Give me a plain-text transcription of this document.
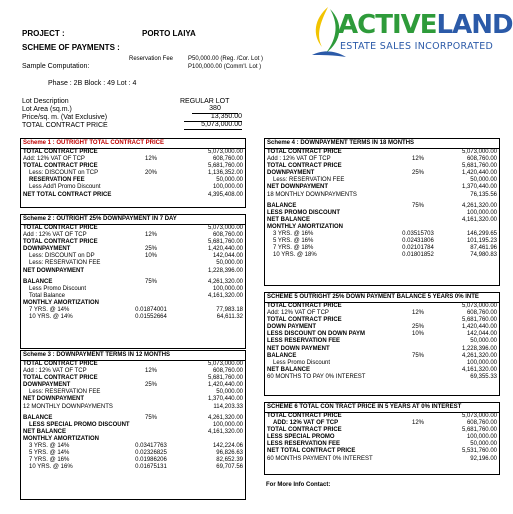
PROJECT :	PORTO LAIYA
SCHEME OF PAYMENTS :
Reservation Fee P50,000.00 (Reg. /Cor. Lot )
P100,000.00 (Comm'l. Lot )
Sample Computation:
Phase : 2B Block : 49 Lot : 4
ACTIVELAND
ESTATE SALES INCORPORATED
Lot Description	REGULAR LOT
Lot Area (sq.m.)	380
Price/sq. m. (Vat Exclusive)	13,350.00
TOTAL CONTRACT PRICE	5,073,000.00
Scheme 1 : OUTRIGHT TOTAL CONTRACT PRICE
TOTAL CONTRACT PRICE		5,073,000.00
Add: 12% VAT OF TCP	12%	608,760.00
TOTAL CONTRACT PRICE		5,681,760.00
Less: DISCOUNT on TCP	20%	1,136,352.00
RESERVATION FEE		50,000.00
Less Add'l Promo Discount		100,000.00
NET TOTAL CONTRACT PRICE		4,395,408.00
Scheme 2 : OUTRIGHT 25% DOWNPAYMENT IN 7 DAY
TOTAL CONTRACT PRICE		5,073,000.00
Add : 12% VAT OF TCP	12%	608,760.00
TOTAL CONTRACT PRICE		5,681,760.00
DOWNPAYMENT	25%	1,420,440.00
Less: DISCOUNT on DP	10%	142,044.00
Less: RESERVATION FEE		50,000.00
NET DOWNPAYMENT		1,228,396.00

BALANCE	75%	4,261,320.00
Less Promo Discount		100,000.00
Total Balance		4,161,320.00
MONTHLY AMORTIZATION		
7 YRS. @ 14%	0.01874001	77,983.18
10 YRS. @ 14%	0.01552664	64,611.32
Scheme 3 : DOWNPAYMENT TERMS IN 12 MONTHS
TOTAL CONTRACT PRICE		5,073,000.00
Add : 12% VAT OF TCP	12%	608,760.00
TOTAL CONTRACT PRICE		5,681,760.00
DOWNPAYMENT	25%	1,420,440.00
Less: RESERVATION FEE		50,000.00
NET DOWNPAYMENT		1,370,440.00
12 MONTHLY DOWNPAYMENTS		114,203.33

BALANCE	75%	4,261,320.00
LESS SPECIAL PROMO DISCOUNT		100,000.00
NET BALANCE		4,161,320.00
MONTHLY AMORTIZATION		
3 YRS. @ 14%	0.03417763	142,224.06
5 YRS. @ 14%	0.02326825	96,826.63
7 YRS. @ 16%	0.01986206	82,652.39
10 YRS. @ 16%	0.01675131	69,707.56
Scheme 4 : DOWNPAYMENT TERMS IN 18 MONTHS
TOTAL CONTRACT PRICE		5,073,000.00
Add : 12% VAT OF TCP	12%	608,760.00
TOTAL CONTRACT PRICE		5,681,760.00
DOWNPAYMENT	25%	1,420,440.00
Less: RESERVATION FEE		50,000.00
NET DOWNPAYMENT		1,370,440.00
18 MONTHLY DOWNPAYMENTS		76,135.56

BALANCE	75%	4,261,320.00
LESS PROMO DISCOUNT		100,000.00
NET BALANCE		4,161,320.00
MONTHLY AMORTIZATION		
3 YRS. @ 16%	0.03515703	146,299.65
5 YRS. @ 16%	0.02431806	101,195.23
7 YRS. @ 18%	0.02101784	87,461.96
10 YRS. @ 18%	0.01801852	74,980.83
SCHEME 5 OUTRIGHT 25% DOWN PAYMENT BALANCE 5 YEARS 0% INTE
TOTAL CONTRACT PRICE		5,073,000.00
Add: 12% VAT OF TCP	12%	608,760.00
TOTAL CONTRACT PRICE		5,681,760.00
DOWN PAYMENT	25%	1,420,440.00
LESS DISCOUNT ON DOWN PAYM	10%	142,044.00
LESS RESERVATION FEE		50,000.00
NET DOWN PAYMENT		1,228,396.00
BALANCE	75%	4,261,320.00
Less Promo Discount		100,000.00
NET BALANCE		4,161,320.00
60 MONTHS TO PAY 0% INTEREST		69,355.33
SCHEME 6 TOTAL CON TRACT PRICE IN 5 YEARS AT 0% INTEREST
TOTAL CONTRACT PRICE		5,073,000.00
ADD: 12% VAT OF TCP	12%	608,760.00
TOTAL CONTRACT PRICE		5,681,760.00
LESS SPECIAL PROMO		100,000.00
LESS RESERVATION FEE		50,000.00
NET TOTAL CONTRACT PRICE		5,531,760.00
60 MONTHS PAYMENT 0% INTEREST		92,196.00
For More Info Contact:
